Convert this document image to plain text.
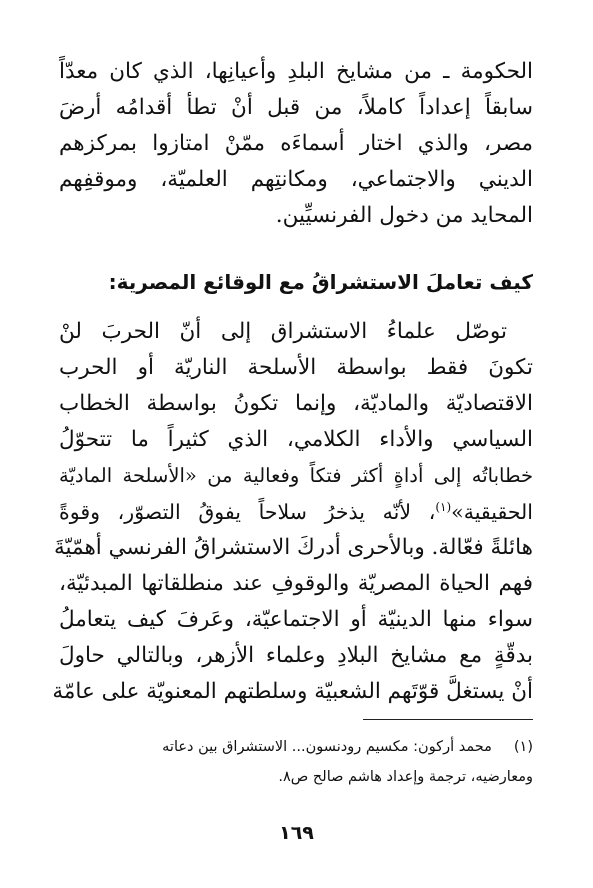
الحكومة ـ من مشايخ البلدِ وأعيانِها، الذي كان معدّاً
سابقاً إعداداً كاملاً، من قبل أنْ تطأ أقدامُه أرضَ
مصر، والذي اختار أسماءَه ممّنْ امتازوا بمركزهم
الديني والاجتماعي، ومكانتِهم العلميّة، وموقفِهم
المحايد من دخول الفرنسيِّين.
كيف تعاملَ الاستشراقُ مع الوقائع المصرية:
توصّل علماءُ الاستشراق إلى أنّ الحربَ لنْ
تكونَ فقط بواسطة الأسلحة الناريّة أو الحرب
الاقتصاديّة والماديّة، وإنما تكونُ بواسطة الخطاب
السياسي والأداء الكلامي، الذي كثيراً ما تتحوّلُ
خطاباتُه إلى أداةٍ أكثر فتكاً وفعالية من «الأسلحة الماديّة
الحقيقية»$^{(١)}$، لأنّه يذخرُ سلاحاً يفوقُ التصوّر، وقوةً
هائلةً فعّالة. وبالأحرى أدركَ الاستشراقُ الفرنسي أهمّيّةَ
فهم الحياة المصريّة والوقوفِ عند منطلقاتها المبدئيّة،
سواء منها الدينيّة أو الاجتماعيّة، وعَرفَ كيف يتعاملُ
بدقّةٍ مع مشايخ البلادِ وعلماء الأزهر، وبالتالي حاولَ
أنْ يستغلَّ قوّتَهم الشعبيّة وسلطتهم المعنويّة على عامّة
(١)محمد أركون: مكسيم رودنسون... الاستشراق بين دعاته
ومعارضيه، ترجمة وإعداد هاشم صالح ص٨.
١٦٩
